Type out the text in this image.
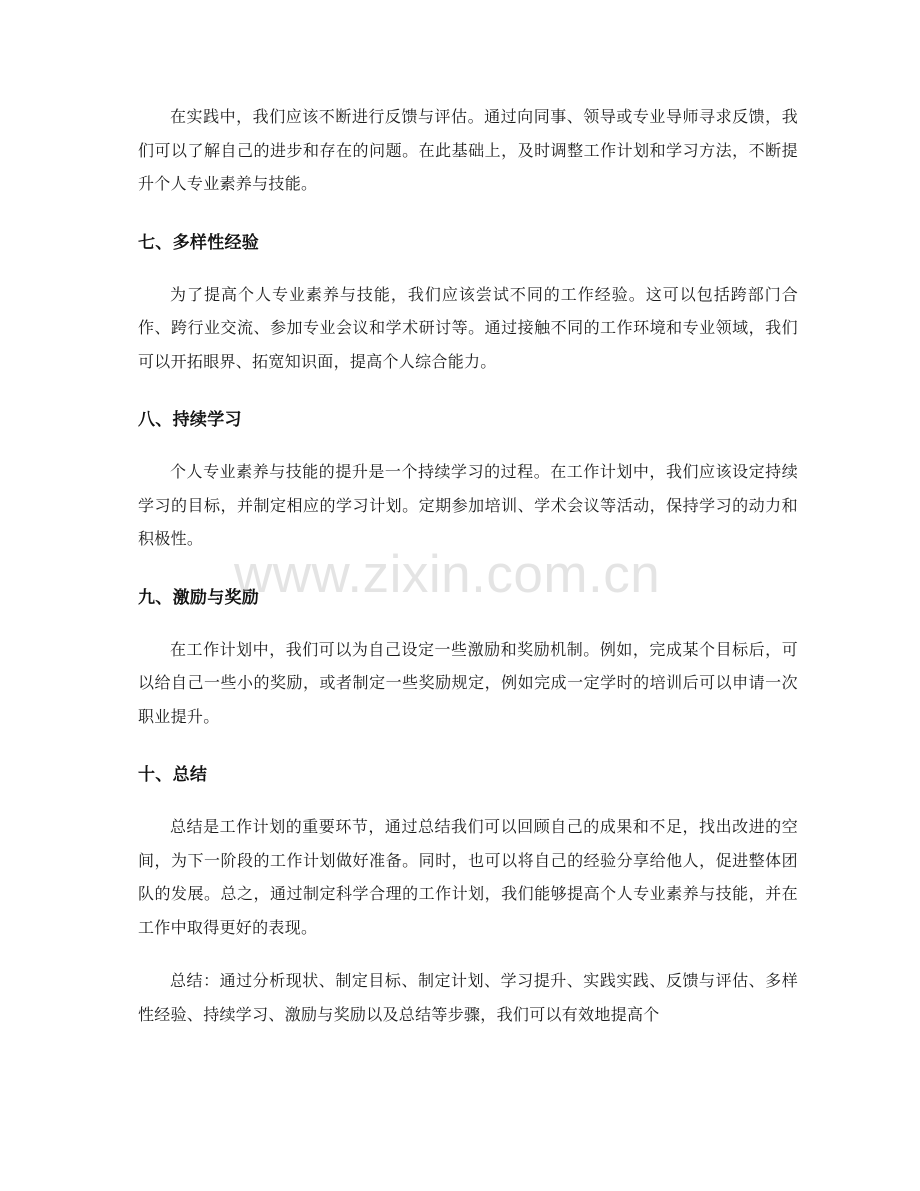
在实践中，我们应该不断进行反馈与评估。通过向同事、领导或专业导师寻求反馈，我们可以了解自己的进步和存在的问题。在此基础上，及时调整工作计划和学习方法，不断提升个人专业素养与技能。

七、多样性经验

为了提高个人专业素养与技能，我们应该尝试不同的工作经验。这可以包括跨部门合作、跨行业交流、参加专业会议和学术研讨等。通过接触不同的工作环境和专业领域，我们可以开拓眼界、拓宽知识面，提高个人综合能力。

八、持续学习

个人专业素养与技能的提升是一个持续学习的过程。在工作计划中，我们应该设定持续学习的目标，并制定相应的学习计划。定期参加培训、学术会议等活动，保持学习的动力和积极性。

九、激励与奖励

在工作计划中，我们可以为自己设定一些激励和奖励机制。例如，完成某个目标后，可以给自己一些小的奖励，或者制定一些奖励规定，例如完成一定学时的培训后可以申请一次职业提升。

十、总结

总结是工作计划的重要环节，通过总结我们可以回顾自己的成果和不足，找出改进的空间，为下一阶段的工作计划做好准备。同时，也可以将自己的经验分享给他人，促进整体团队的发展。总之，通过制定科学合理的工作计划，我们能够提高个人专业素养与技能，并在工作中取得更好的表现。

总结：通过分析现状、制定目标、制定计划、学习提升、实践实践、反馈与评估、多样性经验、持续学习、激励与奖励以及总结等步骤，我们可以有效地提高个

www.zixin.com.cn
